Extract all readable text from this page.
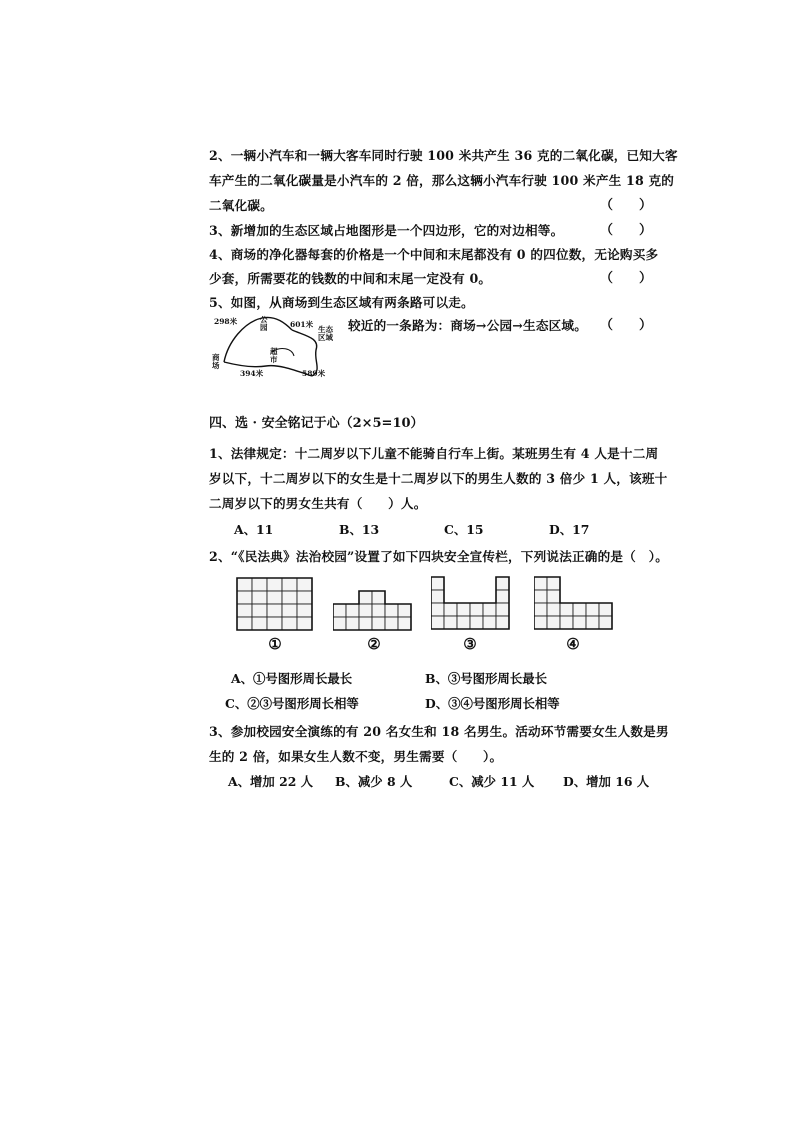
2、一辆小汽车和一辆大客车同时行驶 100 米共产生 36 克的二氧化碳，已知大客
车产生的二氧化碳量是小汽车的 2 倍，那么这辆小汽车行驶 100 米产生 18 克的
二氧化碳。	（　　）
3、新增加的生态区域占地图形是一个四边形，它的对边相等。	（　　）
4、商场的净化器每套的价格是一个中间和末尾都没有 0 的四位数，无论购买多
少套，所需要花的钱数的中间和末尾一定没有 0。	（　　）
5、如图，从商场到生态区域有两条路可以走。
较近的一条路为：商场→公园→生态区域。 （　　）
298米	公园	601米
生态区域
超市
商场
394米	589米
四、选 · 安全铭记于心（2×5=10）
1、法律规定：十二周岁以下儿童不能骑自行车上街。某班男生有 4 人是十二周
岁以下，十二周岁以下的女生是十二周岁以下的男生人数的 3 倍少 1 人，该班十
二周岁以下的男女生共有（　　）人。
A、11	B、13	C、15	D、17
2、“《民法典》法治校园”设置了如下四块安全宣传栏，下列说法正确的是（　）。
①	②	③	④
A、①号图形周长最长	B、③号图形周长最长
C、②③号图形周长相等	D、③④号图形周长相等
3、参加校园安全演练的有 20 名女生和 18 名男生。活动环节需要女生人数是男
生的 2 倍，如果女生人数不变，男生需要（　　）。
A、增加 22 人 B、减少 8 人	C、减少 11 人 D、增加 16 人
